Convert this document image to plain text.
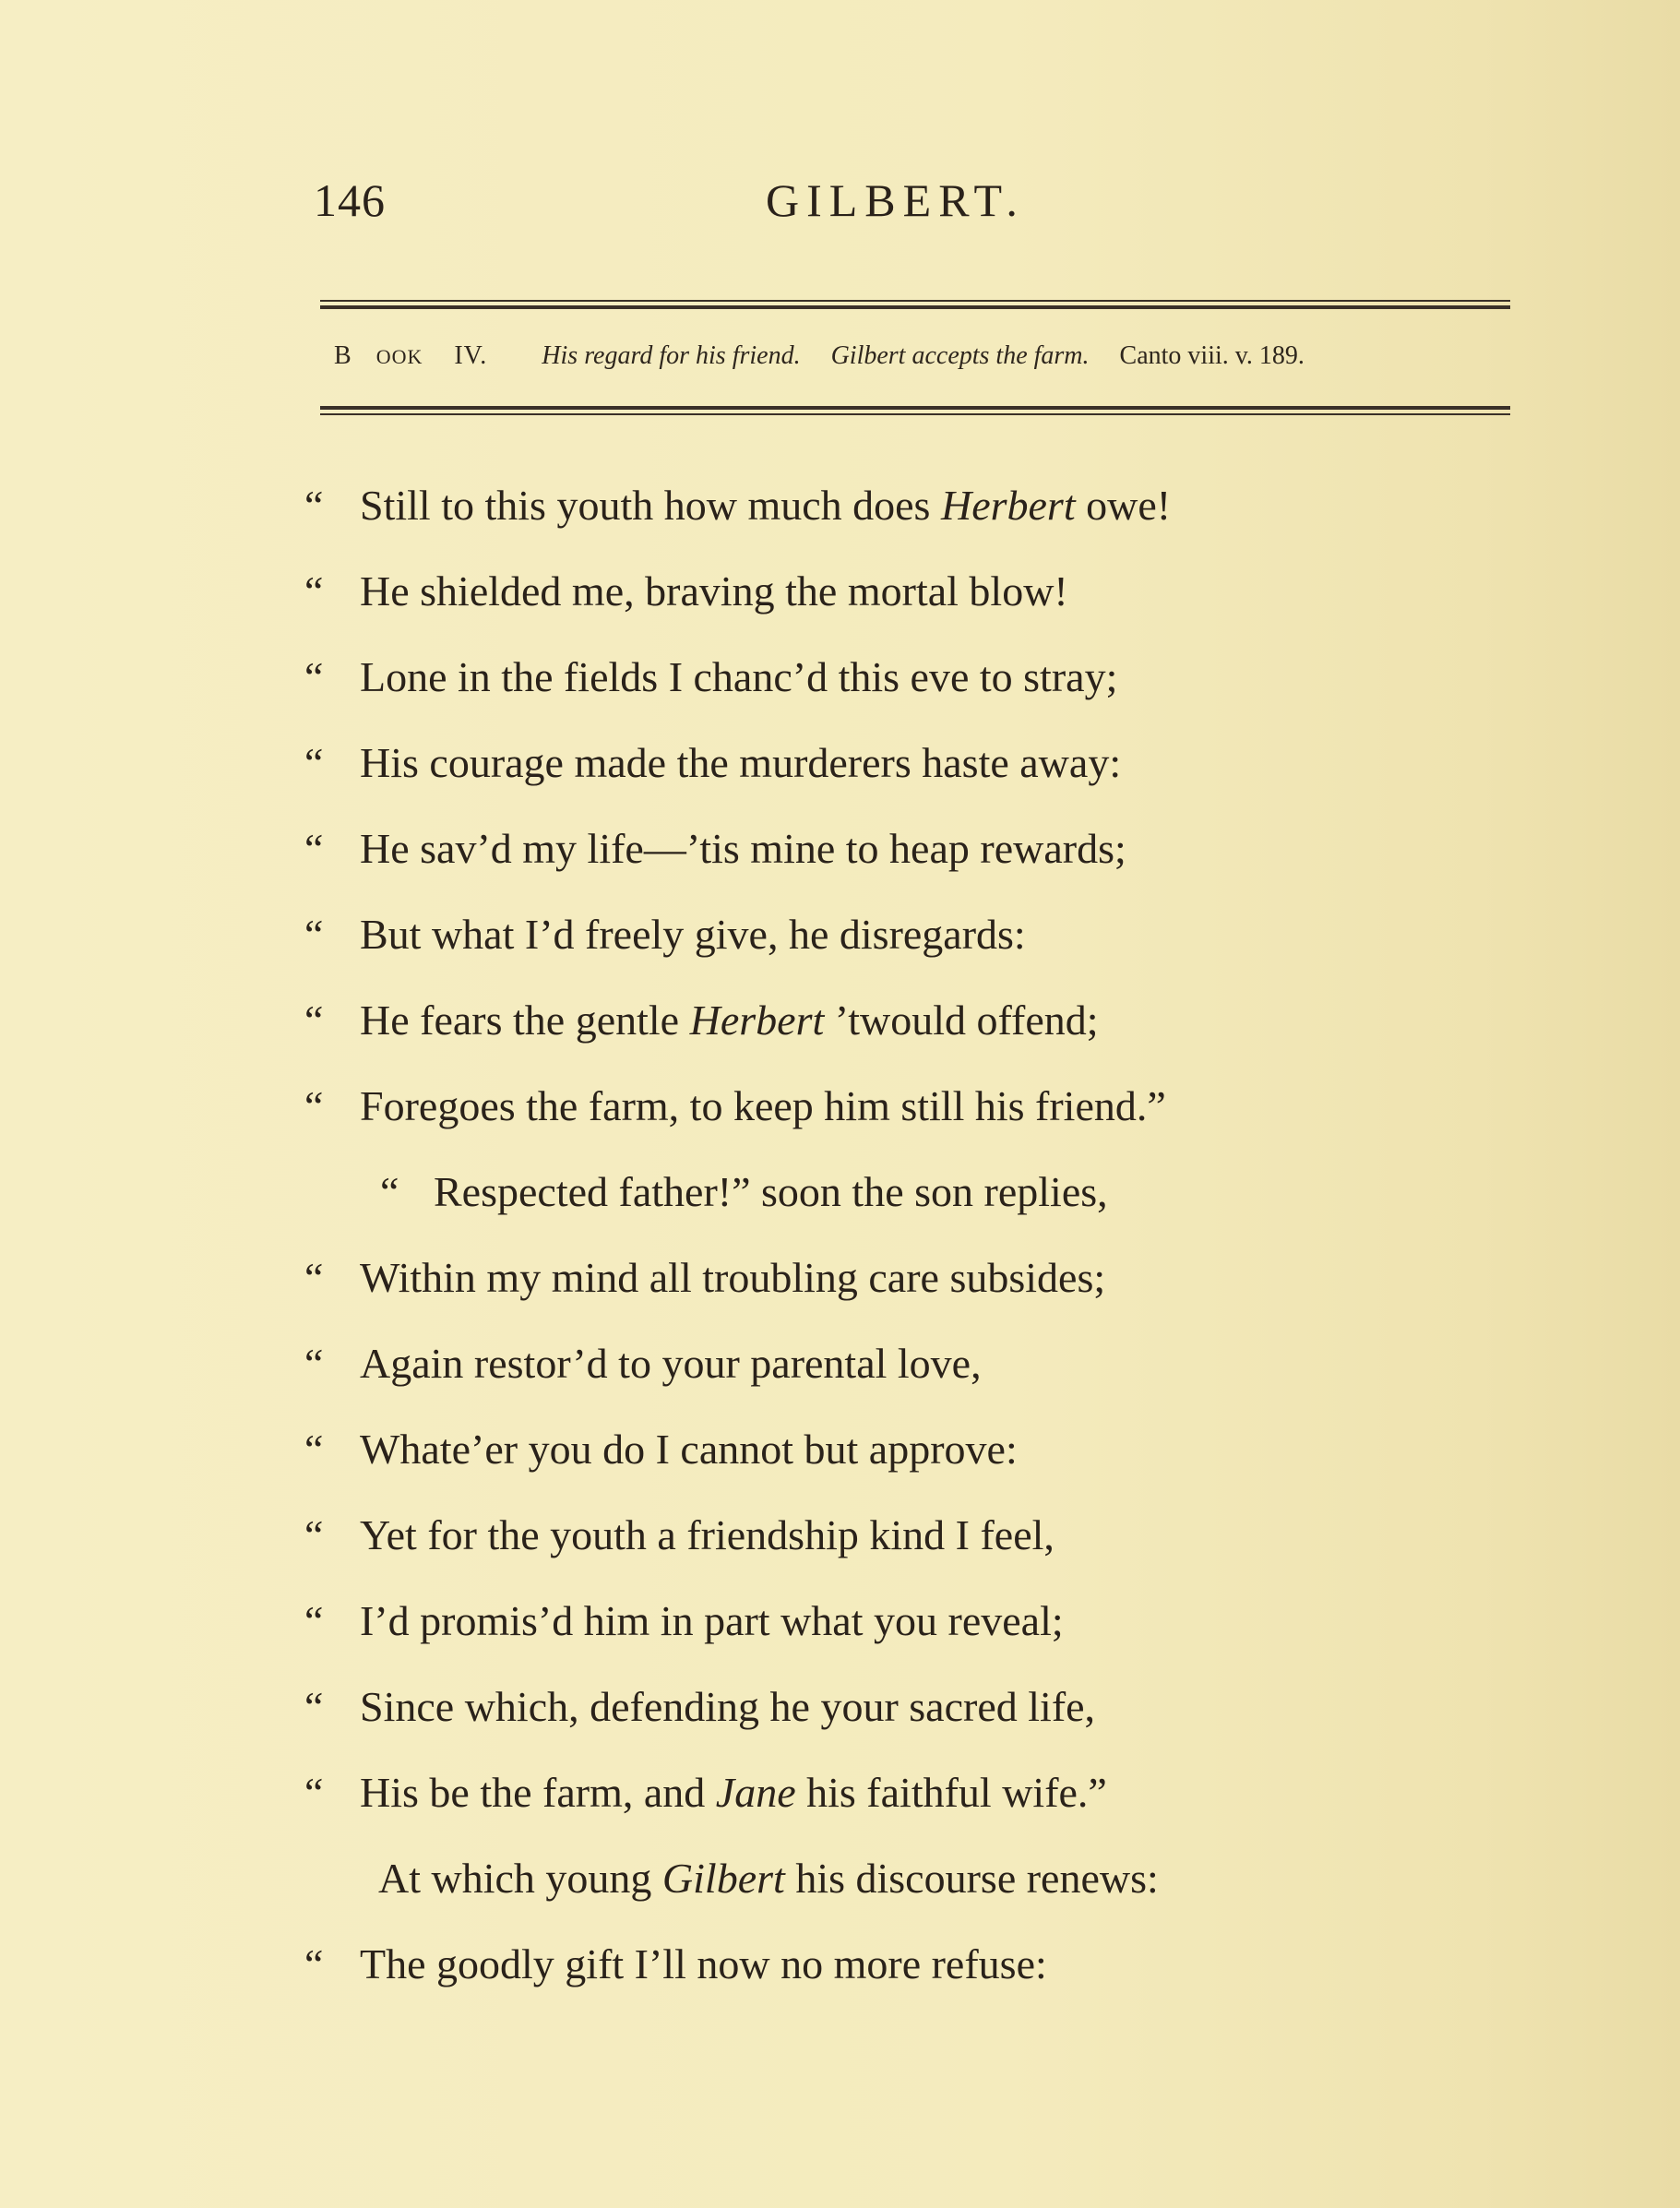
146	GILBERT.
B OOK IV. His regard for his friend. Gilbert accepts the farm. Canto viii. v. 189.
“ Still to this youth how much does Herbert owe!
“ He shielded me, braving the mortal blow!
“ Lone in the fields I chanc’d this eve to stray;
“ His courage made the murderers haste away:
“ He sav’d my life—’tis mine to heap rewards;
“ But what I’d freely give, he disregards:
“ He fears the gentle Herbert ’twould offend;
“ Foregoes the farm, to keep him still his friend.”
“ Respected father!” soon the son replies,
“ Within my mind all troubling care subsides;
“ Again restor’d to your parental love,
“ Whate’er you do I cannot but approve:
“ Yet for the youth a friendship kind I feel,
“ I’d promis’d him in part what you reveal;
“ Since which, defending he your sacred life,
“ His be the farm, and Jane his faithful wife.”
At which young Gilbert his discourse renews:
“ The goodly gift I’ll now no more refuse:
